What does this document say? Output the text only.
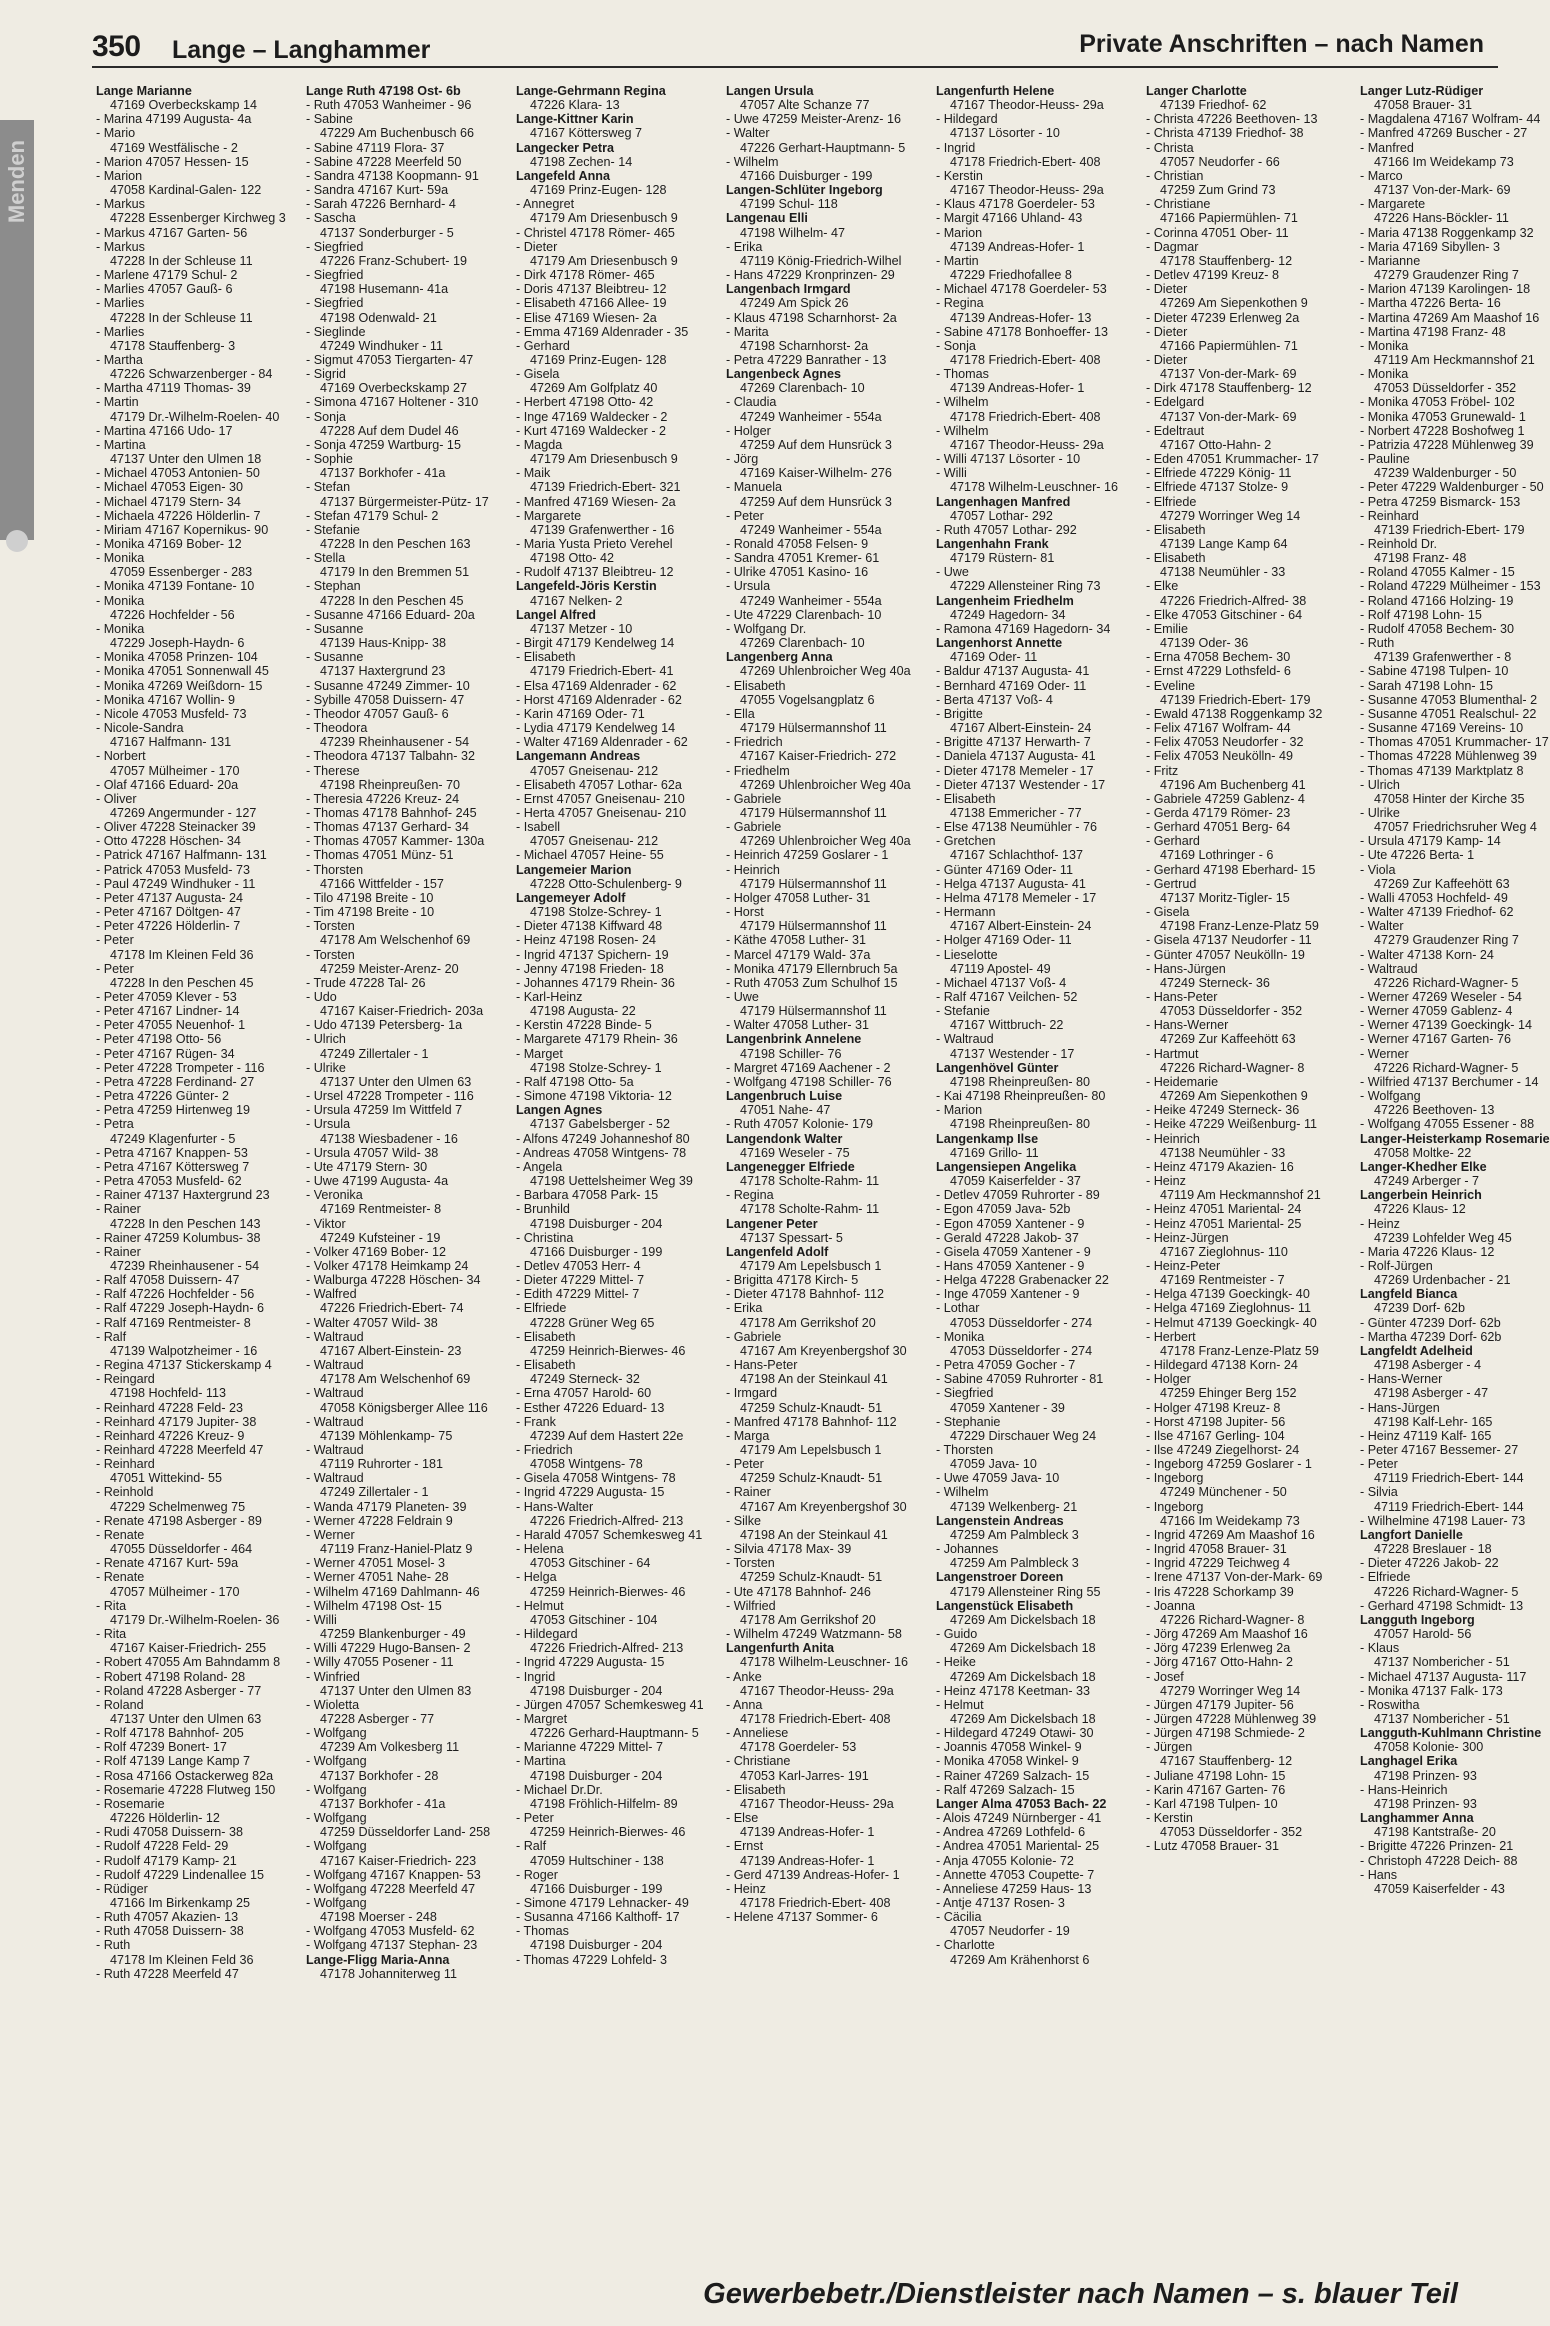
350 Lange – Langhammer	Private Anschriften – nach Namen
Menden
Lange Marianne
47169 Overbeckskamp 14
- Marina 47199 Augusta- 4a
- Mario
47169 Westfälische - 2
- Marion 47057 Hessen- 15
- Marion
47058 Kardinal-Galen- 122
- Markus
47228 Essenberger Kirchweg 3
- Markus 47167 Garten- 56
- Markus
47228 In der Schleuse 11
- Marlene 47179 Schul- 2
- Marlies 47057 Gauß- 6
- Marlies
47228 In der Schleuse 11
- Marlies
47178 Stauffenberg- 3
- Martha
47226 Schwarzenberger - 84
- Martha 47119 Thomas- 39
- Martin
47179 Dr.-Wilhelm-Roelen- 40
- Martina 47166 Udo- 17
- Martina
47137 Unter den Ulmen 18
- Michael 47053 Antonien- 50
- Michael 47053 Eigen- 30
- Michael 47179 Stern- 34
- Michaela 47226 Hölderlin- 7
- Miriam 47167 Kopernikus- 90
- Monika 47169 Bober- 12
- Monika
47059 Essenberger - 283
- Monika 47139 Fontane- 10
- Monika
47226 Hochfelder - 56
- Monika
47229 Joseph-Haydn- 6
- Monika 47058 Prinzen- 104
- Monika 47051 Sonnenwall 45
- Monika 47269 Weißdorn- 15
- Monika 47167 Wollin- 9
- Nicole 47053 Musfeld- 73
- Nicole-Sandra
47167 Halfmann- 131
- Norbert
47057 Mülheimer - 170
- Olaf 47166 Eduard- 20a
- Oliver
47269 Angermunder - 127
- Oliver 47228 Steinacker 39
- Otto 47228 Höschen- 34
- Patrick 47167 Halfmann- 131
- Patrick 47053 Musfeld- 73
- Paul 47249 Windhuker - 11
- Peter 47137 Augusta- 24
- Peter 47167 Döltgen- 47
- Peter 47226 Hölderlin- 7
- Peter
47178 Im Kleinen Feld 36
- Peter
47228 In den Peschen 45
- Peter 47059 Klever - 53
- Peter 47167 Lindner- 14
- Peter 47055 Neuenhof- 1
- Peter 47198 Otto- 56
- Peter 47167 Rügen- 34
- Peter 47228 Trompeter - 116
- Petra 47228 Ferdinand- 27
- Petra 47226 Günter- 2
- Petra 47259 Hirtenweg 19
- Petra
47249 Klagenfurter - 5
- Petra 47167 Knappen- 53
- Petra 47167 Köttersweg 7
- Petra 47053 Musfeld- 62
- Rainer 47137 Haxtergrund 23
- Rainer
47228 In den Peschen 143
- Rainer 47259 Kolumbus- 38
- Rainer
47239 Rheinhausener - 54
- Ralf 47058 Duissern- 47
- Ralf 47226 Hochfelder - 56
- Ralf 47229 Joseph-Haydn- 6
- Ralf 47169 Rentmeister- 8
- Ralf
47139 Walpotzheimer - 16
- Regina 47137 Stickerskamp 4
- Reingard
47198 Hochfeld- 113
- Reinhard 47228 Feld- 23
- Reinhard 47179 Jupiter- 38
- Reinhard 47226 Kreuz- 9
- Reinhard 47228 Meerfeld 47
- Reinhard
47051 Wittekind- 55
- Reinhold
47229 Schelmenweg 75
- Renate 47198 Asberger - 89
- Renate
47055 Düsseldorfer - 464
- Renate 47167 Kurt- 59a
- Renate
47057 Mülheimer - 170
- Rita
47179 Dr.-Wilhelm-Roelen- 36
- Rita
47167 Kaiser-Friedrich- 255
- Robert 47055 Am Bahndamm 8
- Robert 47198 Roland- 28
- Roland 47228 Asberger - 77
- Roland
47137 Unter den Ulmen 63
- Rolf 47178 Bahnhof- 205
- Rolf 47239 Bonert- 17
- Rolf 47139 Lange Kamp 7
- Rosa 47166 Ostackerweg 82a
- Rosemarie 47228 Flutweg 150
- Rosemarie
47226 Hölderlin- 12
- Rudi 47058 Duissern- 38
- Rudolf 47228 Feld- 29
- Rudolf 47179 Kamp- 21
- Rudolf 47229 Lindenallee 15
- Rüdiger
47166 Im Birkenkamp 25
- Ruth 47057 Akazien- 13
- Ruth 47058 Duissern- 38
- Ruth
47178 Im Kleinen Feld 36
- Ruth 47228 Meerfeld 47
Lange Ruth 47198 Ost- 6b
- Ruth 47053 Wanheimer - 96
- Sabine
47229 Am Buchenbusch 66
- Sabine 47119 Flora- 37
- Sabine 47228 Meerfeld 50
- Sandra 47138 Koopmann- 91
- Sandra 47167 Kurt- 59a
- Sarah 47226 Bernhard- 4
- Sascha
47137 Sonderburger - 5
- Siegfried
47226 Franz-Schubert- 19
- Siegfried
47198 Husemann- 41a
- Siegfried
47198 Odenwald- 21
- Sieglinde
47249 Windhuker - 11
- Sigmut 47053 Tiergarten- 47
- Sigrid
47169 Overbeckskamp 27
- Simona 47167 Holtener - 310
- Sonja
47228 Auf dem Dudel 46
- Sonja 47259 Wartburg- 15
- Sophie
47137 Borkhofer - 41a
- Stefan
47137 Bürgermeister-Pütz- 17
- Stefan 47179 Schul- 2
- Stefanie
47228 In den Peschen 163
- Stella
47179 In den Bremmen 51
- Stephan
47228 In den Peschen 45
- Susanne 47166 Eduard- 20a
- Susanne
47139 Haus-Knipp- 38
- Susanne
47137 Haxtergrund 23
- Susanne 47249 Zimmer- 10
- Sybille 47058 Duissern- 47
- Theodor 47057 Gauß- 6
- Theodora
47239 Rheinhausener - 54
- Theodora 47137 Talbahn- 32
- Therese
47198 Rheinpreußen- 70
- Theresia 47226 Kreuz- 24
- Thomas 47178 Bahnhof- 245
- Thomas 47137 Gerhard- 34
- Thomas 47057 Kammer- 130a
- Thomas 47051 Münz- 51
- Thorsten
47166 Wittfelder - 157
- Tilo 47198 Breite - 10
- Tim 47198 Breite - 10
- Torsten
47178 Am Welschenhof 69
- Torsten
47259 Meister-Arenz- 20
- Trude 47228 Tal- 26
- Udo
47167 Kaiser-Friedrich- 203a
- Udo 47139 Petersberg- 1a
- Ulrich
47249 Zillertaler - 1
- Ulrike
47137 Unter den Ulmen 63
- Ursel 47228 Trompeter - 116
- Ursula 47259 Im Wittfeld 7
- Ursula
47138 Wiesbadener - 16
- Ursula 47057 Wild- 38
- Ute 47179 Stern- 30
- Uwe 47199 Augusta- 4a
- Veronika
47169 Rentmeister- 8
- Viktor
47249 Kufsteiner - 19
- Volker 47169 Bober- 12
- Volker 47178 Heimkamp 24
- Walburga 47228 Höschen- 34
- Walfred
47226 Friedrich-Ebert- 74
- Walter 47057 Wild- 38
- Waltraud
47167 Albert-Einstein- 23
- Waltraud
47178 Am Welschenhof 69
- Waltraud
47058 Königsberger Allee 116
- Waltraud
47139 Möhlenkamp- 75
- Waltraud
47119 Ruhrorter - 181
- Waltraud
47249 Zillertaler - 1
- Wanda 47179 Planeten- 39
- Werner 47228 Feldrain 9
- Werner
47119 Franz-Haniel-Platz 9
- Werner 47051 Mosel- 3
- Werner 47051 Nahe- 28
- Wilhelm 47169 Dahlmann- 46
- Wilhelm 47198 Ost- 15
- Willi
47259 Blankenburger - 49
- Willi 47229 Hugo-Bansen- 2
- Willy 47055 Posener - 11
- Winfried
47137 Unter den Ulmen 83
- Wioletta
47228 Asberger - 77
- Wolfgang
47239 Am Volkesberg 11
- Wolfgang
47137 Borkhofer - 28
- Wolfgang
47137 Borkhofer - 41a
- Wolfgang
47259 Düsseldorfer Land- 258
- Wolfgang
47167 Kaiser-Friedrich- 223
- Wolfgang 47167 Knappen- 53
- Wolfgang 47228 Meerfeld 47
- Wolfgang
47198 Moerser - 248
- Wolfgang 47053 Musfeld- 62
- Wolfgang 47137 Stephan- 23
Lange-Fligg Maria-Anna
47178 Johanniterweg 11
Lange-Gehrmann Regina
47226 Klara- 13
Lange-Kittner Karin
47167 Köttersweg 7
Langecker Petra
47198 Zechen- 14
Langefeld Anna
47169 Prinz-Eugen- 128
- Annegret
47179 Am Driesenbusch 9
- Christel 47178 Römer- 465
- Dieter
47179 Am Driesenbusch 9
- Dirk 47178 Römer- 465
- Doris 47137 Bleibtreu- 12
- Elisabeth 47166 Allee- 19
- Elise 47169 Wiesen- 2a
- Emma 47169 Aldenrader - 35
- Gerhard
47169 Prinz-Eugen- 128
- Gisela
47269 Am Golfplatz 40
- Herbert 47198 Otto- 42
- Inge 47169 Waldecker - 2
- Kurt 47169 Waldecker - 2
- Magda
47179 Am Driesenbusch 9
- Maik
47139 Friedrich-Ebert- 321
- Manfred 47169 Wiesen- 2a
- Margarete
47139 Grafenwerther - 16
- Maria Yusta Prieto Verehel
47198 Otto- 42
- Rudolf 47137 Bleibtreu- 12
Langefeld-Jöris Kerstin
47167 Nelken- 2
Langel Alfred
47137 Metzer - 10
- Birgit 47179 Kendelweg 14
- Elisabeth
47179 Friedrich-Ebert- 41
- Elsa 47169 Aldenrader - 62
- Horst 47169 Aldenrader - 62
- Karin 47169 Oder- 71
- Lydia 47179 Kendelweg 14
- Walter 47169 Aldenrader - 62
Langemann Andreas
47057 Gneisenau- 212
- Elisabeth 47057 Lothar- 62a
- Ernst 47057 Gneisenau- 210
- Herta 47057 Gneisenau- 210
- Isabell
47057 Gneisenau- 212
- Michael 47057 Heine- 55
Langemeier Marion
47228 Otto-Schulenberg- 9
Langemeyer Adolf
47198 Stolze-Schrey- 1
- Dieter 47138 Kiffward 48
- Heinz 47198 Rosen- 24
- Ingrid 47137 Spichern- 19
- Jenny 47198 Frieden- 18
- Johannes 47179 Rhein- 36
- Karl-Heinz
47198 Augusta- 22
- Kerstin 47228 Binde- 5
- Margarete 47179 Rhein- 36
- Marget
47198 Stolze-Schrey- 1
- Ralf 47198 Otto- 5a
- Simone 47198 Viktoria- 12
Langen Agnes
47137 Gabelsberger - 52
- Alfons 47249 Johanneshof 80
- Andreas 47058 Wintgens- 78
- Angela
47198 Uettelsheimer Weg 39
- Barbara 47058 Park- 15
- Brunhild
47198 Duisburger - 204
- Christina
47166 Duisburger - 199
- Detlev 47053 Herr- 4
- Dieter 47229 Mittel- 7
- Edith 47229 Mittel- 7
- Elfriede
47228 Grüner Weg 65
- Elisabeth
47259 Heinrich-Bierwes- 46
- Elisabeth
47249 Sterneck- 32
- Erna 47057 Harold- 60
- Esther 47226 Eduard- 13
- Frank
47239 Auf dem Hastert 22e
- Friedrich
47058 Wintgens- 78
- Gisela 47058 Wintgens- 78
- Ingrid 47229 Augusta- 15
- Hans-Walter
47226 Friedrich-Alfred- 213
- Harald 47057 Schemkesweg 41
- Helena
47053 Gitschiner - 64
- Helga
47259 Heinrich-Bierwes- 46
- Helmut
47053 Gitschiner - 104
- Hildegard
47226 Friedrich-Alfred- 213
- Ingrid 47229 Augusta- 15
- Ingrid
47198 Duisburger - 204
- Jürgen 47057 Schemkesweg 41
- Margret
47226 Gerhard-Hauptmann- 5
- Marianne 47229 Mittel- 7
- Martina
47198 Duisburger - 204
- Michael Dr.Dr.
47198 Fröhlich-Hilfelm- 89
- Peter
47259 Heinrich-Bierwes- 46
- Ralf
47059 Hultschiner - 138
- Roger
47166 Duisburger - 199
- Simone 47179 Lehnacker- 49
- Susanna 47166 Kalthoff- 17
- Thomas
47198 Duisburger - 204
- Thomas 47229 Lohfeld- 3
Langen Ursula
47057 Alte Schanze 77
- Uwe 47259 Meister-Arenz- 16
- Walter
47226 Gerhart-Hauptmann- 5
- Wilhelm
47166 Duisburger - 199
Langen-Schlüter Ingeborg
47199 Schul- 118
Langenau Elli
47198 Wilhelm- 47
- Erika
47119 König-Friedrich-Wilhel
- Hans 47229 Kronprinzen- 29
Langenbach Irmgard
47249 Am Spick 26
- Klaus 47198 Scharnhorst- 2a
- Marita
47198 Scharnhorst- 2a
- Petra 47229 Banrather - 13
Langenbeck Agnes
47269 Clarenbach- 10
- Claudia
47249 Wanheimer - 554a
- Holger
47259 Auf dem Hunsrück 3
- Jörg
47169 Kaiser-Wilhelm- 276
- Manuela
47259 Auf dem Hunsrück 3
- Peter
47249 Wanheimer - 554a
- Ronald 47058 Felsen- 9
- Sandra 47051 Kremer- 61
- Ulrike 47051 Kasino- 16
- Ursula
47249 Wanheimer - 554a
- Ute 47229 Clarenbach- 10
- Wolfgang Dr.
47269 Clarenbach- 10
Langenberg Anna
47269 Uhlenbroicher Weg 40a
- Elisabeth
47055 Vogelsangplatz 6
- Ella
47179 Hülsermannshof 11
- Friedrich
47167 Kaiser-Friedrich- 272
- Friedhelm
47269 Uhlenbroicher Weg 40a
- Gabriele
47179 Hülsermannshof 11
- Gabriele
47269 Uhlenbroicher Weg 40a
- Heinrich 47259 Goslarer - 1
- Heinrich
47179 Hülsermannshof 11
- Holger 47058 Luther- 31
- Horst
47179 Hülsermannshof 11
- Käthe 47058 Luther- 31
- Marcel 47179 Wald- 37a
- Monika 47179 Ellernbruch 5a
- Ruth 47053 Zum Schulhof 15
- Uwe
47179 Hülsermannshof 11
- Walter 47058 Luther- 31
Langenbrink Annelene
47198 Schiller- 76
- Margret 47169 Aachener - 2
- Wolfgang 47198 Schiller- 76
Langenbruch Luise
47051 Nahe- 47
- Ruth 47057 Kolonie- 179
Langendonk Walter
47169 Weseler - 75
Langenegger Elfriede
47178 Scholte-Rahm- 11
- Regina
47178 Scholte-Rahm- 11
Langener Peter
47137 Spessart- 5
Langenfeld Adolf
47179 Am Lepelsbusch 1
- Brigitta 47178 Kirch- 5
- Dieter 47178 Bahnhof- 112
- Erika
47178 Am Gerrikshof 20
- Gabriele
47167 Am Kreyenbergshof 30
- Hans-Peter
47198 An der Steinkaul 41
- Irmgard
47259 Schulz-Knaudt- 51
- Manfred 47178 Bahnhof- 112
- Marga
47179 Am Lepelsbusch 1
- Peter
47259 Schulz-Knaudt- 51
- Rainer
47167 Am Kreyenbergshof 30
- Silke
47198 An der Steinkaul 41
- Silvia 47178 Max- 39
- Torsten
47259 Schulz-Knaudt- 51
- Ute 47178 Bahnhof- 246
- Wilfried
47178 Am Gerrikshof 20
- Wilhelm 47249 Watzmann- 58
Langenfurth Anita
47178 Wilhelm-Leuschner- 16
- Anke
47167 Theodor-Heuss- 29a
- Anna
47178 Friedrich-Ebert- 408
- Anneliese
47178 Goerdeler- 53
- Christiane
47053 Karl-Jarres- 191
- Elisabeth
47167 Theodor-Heuss- 29a
- Else
47139 Andreas-Hofer- 1
- Ernst
47139 Andreas-Hofer- 1
- Gerd 47139 Andreas-Hofer- 1
- Heinz
47178 Friedrich-Ebert- 408
- Helene 47137 Sommer- 6
Langenfurth Helene
47167 Theodor-Heuss- 29a
- Hildegard
47137 Lösorter - 10
- Ingrid
47178 Friedrich-Ebert- 408
- Kerstin
47167 Theodor-Heuss- 29a
- Klaus 47178 Goerdeler- 53
- Margit 47166 Uhland- 43
- Marion
47139 Andreas-Hofer- 1
- Martin
47229 Friedhofallee 8
- Michael 47178 Goerdeler- 53
- Regina
47139 Andreas-Hofer- 13
- Sabine 47178 Bonhoeffer- 13
- Sonja
47178 Friedrich-Ebert- 408
- Thomas
47139 Andreas-Hofer- 1
- Wilhelm
47178 Friedrich-Ebert- 408
- Wilhelm
47167 Theodor-Heuss- 29a
- Willi 47137 Lösorter - 10
- Willi
47178 Wilhelm-Leuschner- 16
Langenhagen Manfred
47057 Lothar- 292
- Ruth 47057 Lothar- 292
Langenhahn Frank
47179 Rüstern- 81
- Uwe
47229 Allensteiner Ring 73
Langenheim Friedhelm
47249 Hagedorn- 34
- Ramona 47169 Hagedorn- 34
Langenhorst Annette
47169 Oder- 11
- Baldur 47137 Augusta- 41
- Bernhard 47169 Oder- 11
- Berta 47137 Voß- 4
- Brigitte
47167 Albert-Einstein- 24
- Brigitte 47137 Herwarth- 7
- Daniela 47137 Augusta- 41
- Dieter 47178 Memeler - 17
- Dieter 47137 Westender - 17
- Elisabeth
47138 Emmericher - 77
- Else 47138 Neumühler - 76
- Gretchen
47167 Schlachthof- 137
- Günter 47169 Oder- 11
- Helga 47137 Augusta- 41
- Helma 47178 Memeler - 17
- Hermann
47167 Albert-Einstein- 24
- Holger 47169 Oder- 11
- Lieselotte
47119 Apostel- 49
- Michael 47137 Voß- 4
- Ralf 47167 Veilchen- 52
- Stefanie
47167 Wittbruch- 22
- Waltraud
47137 Westender - 17
Langenhövel Günter
47198 Rheinpreußen- 80
- Kai 47198 Rheinpreußen- 80
- Marion
47198 Rheinpreußen- 80
Langenkamp Ilse
47169 Grillo- 11
Langensiepen Angelika
47059 Kaiserfelder - 37
- Detlev 47059 Ruhrorter - 89
- Egon 47059 Java- 52b
- Egon 47059 Xantener - 9
- Gerald 47228 Jakob- 37
- Gisela 47059 Xantener - 9
- Hans 47059 Xantener - 9
- Helga 47228 Grabenacker 22
- Inge 47059 Xantener - 9
- Lothar
47053 Düsseldorfer - 274
- Monika
47053 Düsseldorfer - 274
- Petra 47059 Gocher - 7
- Sabine 47059 Ruhrorter - 81
- Siegfried
47059 Xantener - 39
- Stephanie
47229 Dirschauer Weg 24
- Thorsten
47059 Java- 10
- Uwe 47059 Java- 10
- Wilhelm
47139 Welkenberg- 21
Langenstein Andreas
47259 Am Palmbleck 3
- Johannes
47259 Am Palmbleck 3
Langenstroer Doreen
47179 Allensteiner Ring 55
Langenstück Elisabeth
47269 Am Dickelsbach 18
- Guido
47269 Am Dickelsbach 18
- Heike
47269 Am Dickelsbach 18
- Heinz 47178 Keetman- 33
- Helmut
47269 Am Dickelsbach 18
- Hildegard 47249 Otawi- 30
- Joannis 47058 Winkel- 9
- Monika 47058 Winkel- 9
- Rainer 47269 Salzach- 15
- Ralf 47269 Salzach- 15
Langer Alma 47053 Bach- 22
- Alois 47249 Nürnberger - 41
- Andrea 47269 Lothfeld- 6
- Andrea 47051 Mariental- 25
- Anja 47055 Kolonie- 72
- Annette 47053 Coupette- 7
- Anneliese 47259 Haus- 13
- Antje 47137 Rosen- 3
- Cäcilia
47057 Neudorfer - 19
- Charlotte
47269 Am Krähenhorst 6
Langer Charlotte
47139 Friedhof- 62
- Christa 47226 Beethoven- 13
- Christa 47139 Friedhof- 38
- Christa
47057 Neudorfer - 66
- Christian
47259 Zum Grind 73
- Christiane
47166 Papiermühlen- 71
- Corinna 47051 Ober- 11
- Dagmar
47178 Stauffenberg- 12
- Detlev 47199 Kreuz- 8
- Dieter
47269 Am Siepenkothen 9
- Dieter 47239 Erlenweg 2a
- Dieter
47166 Papiermühlen- 71
- Dieter
47137 Von-der-Mark- 69
- Dirk 47178 Stauffenberg- 12
- Edelgard
47137 Von-der-Mark- 69
- Edeltraut
47167 Otto-Hahn- 2
- Eden 47051 Krummacher- 17
- Elfriede 47229 König- 11
- Elfriede 47137 Stolze- 9
- Elfriede
47279 Worringer Weg 14
- Elisabeth
47139 Lange Kamp 64
- Elisabeth
47138 Neumühler - 33
- Elke
47226 Friedrich-Alfred- 38
- Elke 47053 Gitschiner - 64
- Emilie
47139 Oder- 36
- Erna 47058 Bechem- 30
- Ernst 47229 Lothsfeld- 6
- Eveline
47139 Friedrich-Ebert- 179
- Ewald 47138 Roggenkamp 32
- Felix 47167 Wolfram- 44
- Felix 47053 Neudorfer - 32
- Felix 47053 Neukölln- 49
- Fritz
47196 Am Buchenberg 41
- Gabriele 47259 Gablenz- 4
- Gerda 47179 Römer- 23
- Gerhard 47051 Berg- 64
- Gerhard
47169 Lothringer - 6
- Gerhard 47198 Eberhard- 15
- Gertrud
47137 Moritz-Tigler- 15
- Gisela
47198 Franz-Lenze-Platz 59
- Gisela 47137 Neudorfer - 11
- Günter 47057 Neukölln- 19
- Hans-Jürgen
47249 Sterneck- 36
- Hans-Peter
47053 Düsseldorfer - 352
- Hans-Werner
47269 Zur Kaffeehött 63
- Hartmut
47226 Richard-Wagner- 8
- Heidemarie
47269 Am Siepenkothen 9
- Heike 47249 Sterneck- 36
- Heike 47229 Weißenburg- 11
- Heinrich
47138 Neumühler - 33
- Heinz 47179 Akazien- 16
- Heinz
47119 Am Heckmannshof 21
- Heinz 47051 Mariental- 24
- Heinz 47051 Mariental- 25
- Heinz-Jürgen
47167 Zieglohnus- 110
- Heinz-Peter
47169 Rentmeister - 7
- Helga 47139 Goeckingk- 40
- Helga 47169 Zieglohnus- 11
- Helmut 47139 Goeckingk- 40
- Herbert
47178 Franz-Lenze-Platz 59
- Hildegard 47138 Korn- 24
- Holger
47259 Ehinger Berg 152
- Holger 47198 Kreuz- 8
- Horst 47198 Jupiter- 56
- Ilse 47167 Gerling- 104
- Ilse 47249 Ziegelhorst- 24
- Ingeborg 47259 Goslarer - 1
- Ingeborg
47249 Münchener - 50
- Ingeborg
47166 Im Weidekamp 73
- Ingrid 47269 Am Maashof 16
- Ingrid 47058 Brauer- 31
- Ingrid 47229 Teichweg 4
- Irene 47137 Von-der-Mark- 69
- Iris 47228 Schorkamp 39
- Joanna
47226 Richard-Wagner- 8
- Jörg 47269 Am Maashof 16
- Jörg 47239 Erlenweg 2a
- Jörg 47167 Otto-Hahn- 2
- Josef
47279 Worringer Weg 14
- Jürgen 47179 Jupiter- 56
- Jürgen 47228 Mühlenweg 39
- Jürgen 47198 Schmiede- 2
- Jürgen
47167 Stauffenberg- 12
- Juliane 47198 Lohn- 15
- Karin 47167 Garten- 76
- Karl 47198 Tulpen- 10
- Kerstin
47053 Düsseldorfer - 352
- Lutz 47058 Brauer- 31
Langer Lutz-Rüdiger
47058 Brauer- 31
- Magdalena 47167 Wolfram- 44
- Manfred 47269 Buscher - 27
- Manfred
47166 Im Weidekamp 73
- Marco
47137 Von-der-Mark- 69
- Margarete
47226 Hans-Böckler- 11
- Maria 47138 Roggenkamp 32
- Maria 47169 Sibyllen- 3
- Marianne
47279 Graudenzer Ring 7
- Marion 47139 Karolingen- 18
- Martha 47226 Berta- 16
- Martina 47269 Am Maashof 16
- Martina 47198 Franz- 48
- Monika
47119 Am Heckmannshof 21
- Monika
47053 Düsseldorfer - 352
- Monika 47053 Fröbel- 102
- Monika 47053 Grunewald- 1
- Norbert 47228 Boshofweg 1
- Patrizia 47228 Mühlenweg 39
- Pauline
47239 Waldenburger - 50
- Peter 47229 Waldenburger - 50
- Petra 47259 Bismarck- 153
- Reinhard
47139 Friedrich-Ebert- 179
- Reinhold Dr.
47198 Franz- 48
- Roland 47055 Kalmer - 15
- Roland 47229 Mülheimer - 153
- Roland 47166 Holzing- 19
- Rolf 47198 Lohn- 15
- Rudolf 47058 Bechem- 30
- Ruth
47139 Grafenwerther - 8
- Sabine 47198 Tulpen- 10
- Sarah 47198 Lohn- 15
- Susanne 47053 Blumenthal- 2
- Susanne 47051 Realschul- 22
- Susanne 47169 Vereins- 10
- Thomas 47051 Krummacher- 17
- Thomas 47228 Mühlenweg 39
- Thomas 47139 Marktplatz 8
- Ulrich
47058 Hinter der Kirche 35
- Ulrike
47057 Friedrichsruher Weg 4
- Ursula 47179 Kamp- 14
- Ute 47226 Berta- 1
- Viola
47269 Zur Kaffeehött 63
- Walli 47053 Hochfeld- 49
- Walter 47139 Friedhof- 62
- Walter
47279 Graudenzer Ring 7
- Walter 47138 Korn- 24
- Waltraud
47226 Richard-Wagner- 5
- Werner 47269 Weseler - 54
- Werner 47059 Gablenz- 4
- Werner 47139 Goeckingk- 14
- Werner 47167 Garten- 76
- Werner
47226 Richard-Wagner- 5
- Wilfried 47137 Berchumer - 14
- Wolfgang
47226 Beethoven- 13
- Wolfgang 47055 Essener - 88
Langer-Heisterkamp Rosemarie
47058 Moltke- 22
Langer-Khedher Elke
47249 Arberger - 7
Langerbein Heinrich
47226 Klaus- 12
- Heinz
47239 Lohfelder Weg 45
- Maria 47226 Klaus- 12
- Rolf-Jürgen
47269 Urdenbacher - 21
Langfeld Bianca
47239 Dorf- 62b
- Günter 47239 Dorf- 62b
- Martha 47239 Dorf- 62b
Langfeldt Adelheid
47198 Asberger - 4
- Hans-Werner
47198 Asberger - 47
- Hans-Jürgen
47198 Kalf-Lehr- 165
- Heinz 47119 Kalf- 165
- Peter 47167 Bessemer- 27
- Peter
47119 Friedrich-Ebert- 144
- Silvia
47119 Friedrich-Ebert- 144
- Wilhelmine 47198 Lauer- 73
Langfort Danielle
47228 Breslauer - 18
- Dieter 47226 Jakob- 22
- Elfriede
47226 Richard-Wagner- 5
- Gerhard 47198 Schmidt- 13
Langguth Ingeborg
47057 Harold- 56
- Klaus
47137 Nombericher - 51
- Michael 47137 Augusta- 117
- Monika 47137 Falk- 173
- Roswitha
47137 Nombericher - 51
Langguth-Kuhlmann Christine
47058 Kolonie- 300
Langhagel Erika
47198 Prinzen- 93
- Hans-Heinrich
47198 Prinzen- 93
Langhammer Anna
47198 Kantstraße- 20
- Brigitte 47226 Prinzen- 21
- Christoph 47228 Deich- 88
- Hans
47059 Kaiserfelder - 43
Gewerbebetr./Dienstleister nach Namen – s. blauer Teil
